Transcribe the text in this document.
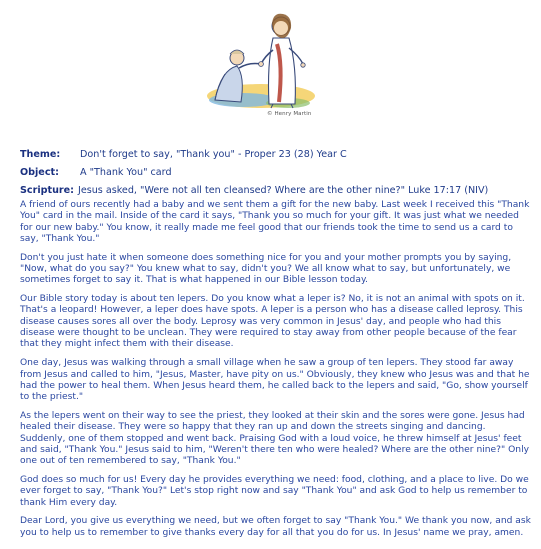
© Henry Martin
Theme:	Don't forget to say, "Thank you" - Proper 23 (28) Year C
Object:	A "Thank You" card
Scripture: Jesus asked, "Were not all ten cleansed? Where are the other nine?" Luke 17:17 (NIV)

A friend of ours recently had a baby and we sent them a gift for the new baby. Last week I received this "Thank You" card in the mail. Inside of the card it says, "Thank you so much for your gift. It was just what we needed for our new baby." You know, it really made me feel good that our friends took the time to send us a card to say, "Thank You."

Don't you just hate it when someone does something nice for you and your mother prompts you by saying, "Now, what do you say?" You knew what to say, didn't you? We all know what to say, but unfortunately, we sometimes forget to say it. That is what happened in our Bible lesson today.

Our Bible story today is about ten lepers. Do you know what a leper is? No, it is not an animal with spots on it. That's a leopard! However, a leper does have spots. A leper is a person who has a disease called leprosy. This disease causes sores all over the body. Leprosy was very common in Jesus' day, and people who had this disease were thought to be unclean. They were required to stay away from other people because of the fear that they might infect them with their disease.

One day, Jesus was walking through a small village when he saw a group of ten lepers. They stood far away from Jesus and called to him, "Jesus, Master, have pity on us." Obviously, they knew who Jesus was and that he had the power to heal them. When Jesus heard them, he called back to the lepers and said, "Go, show yourself to the priest."

As the lepers went on their way to see the priest, they looked at their skin and the sores were gone. Jesus had healed their disease. They were so happy that they ran up and down the streets singing and dancing. Suddenly, one of them stopped and went back. Praising God with a loud voice, he threw himself at Jesus' feet and said, "Thank You." Jesus said to him, "Weren't there ten who were healed? Where are the other nine?" Only one out of ten remembered to say, "Thank You."

God does so much for us! Every day he provides everything we need: food, clothing, and a place to live. Do we ever forget to say, "Thank You?" Let's stop right now and say "Thank You" and ask God to help us remember to thank Him every day.

Dear Lord, you give us everything we need, but we often forget to say "Thank You." We thank you now, and ask you to help us to remember to give thanks every day for all that you do for us. In Jesus' name we pray, amen.
